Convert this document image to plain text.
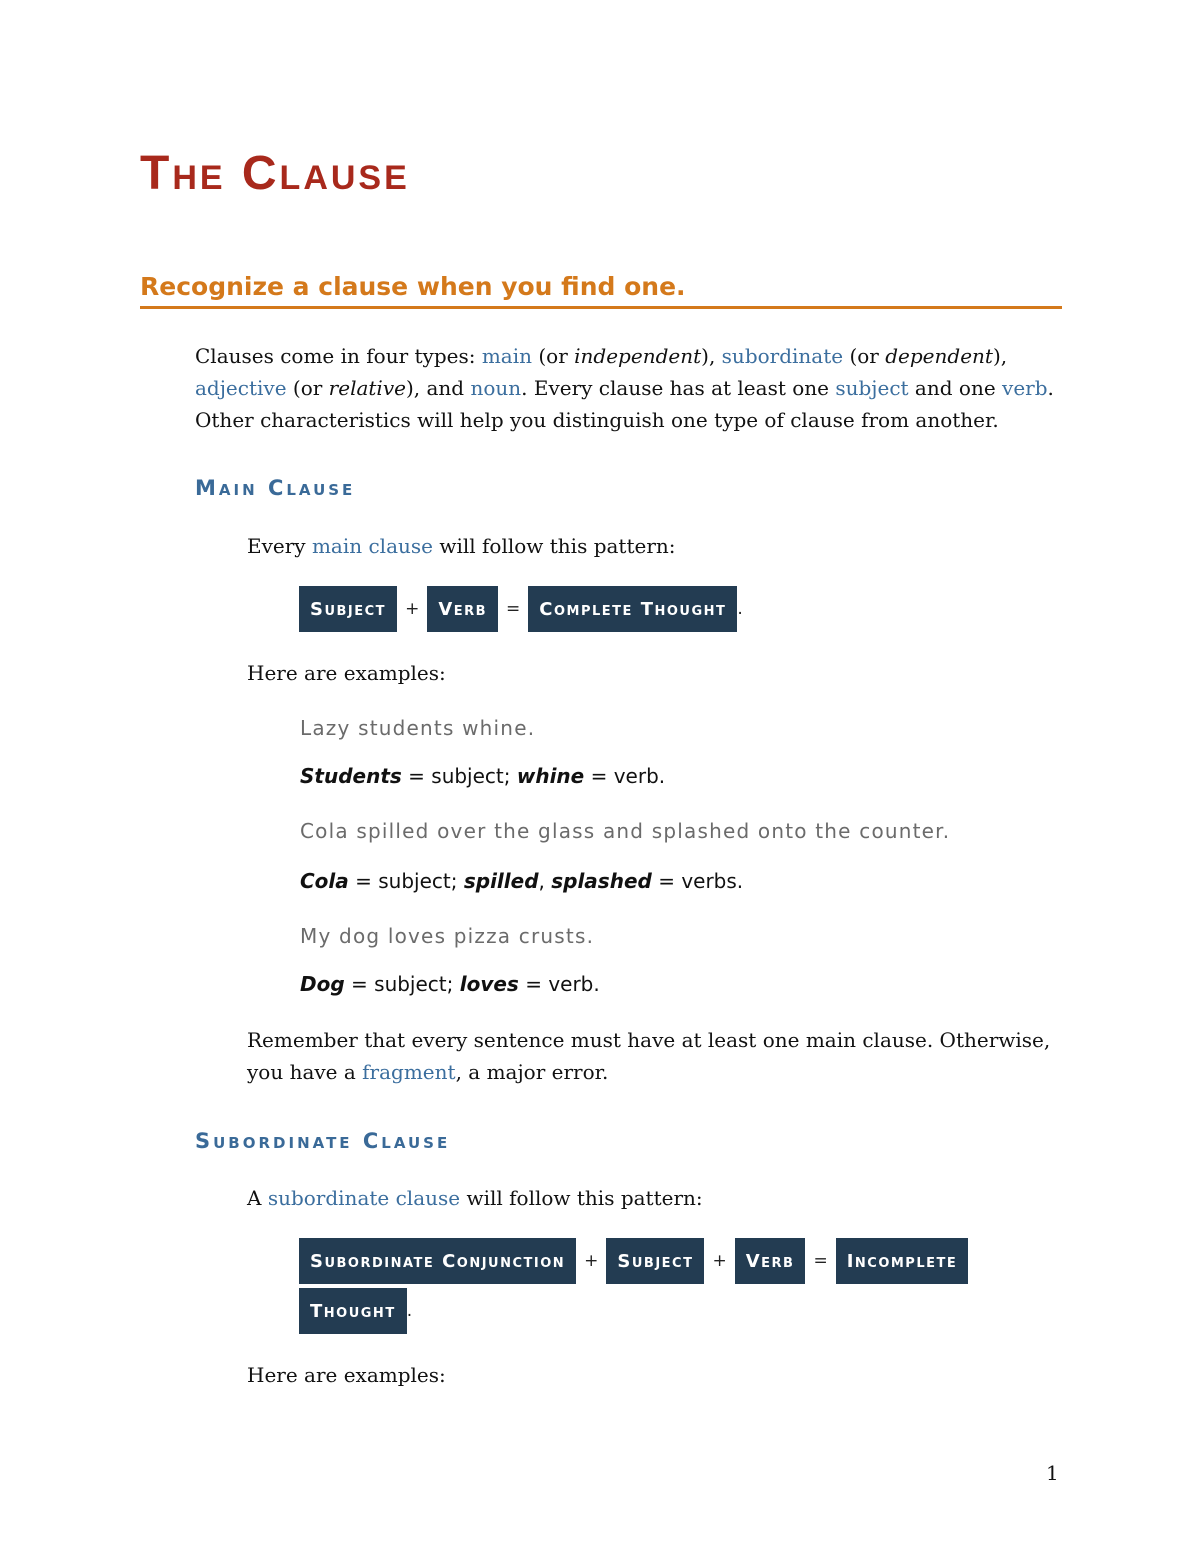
The Clause
Recognize a clause when you find one.
Clauses come in four types: main (or independent), subordinate (or dependent),
adjective (or relative), and noun. Every clause has at least one subject and one verb.
Other characteristics will help you distinguish one type of clause from another.
Main Clause
Every main clause will follow this pattern:
Subject	+	Verb	=	Complete Thought .
Here are examples:
Lazy students whine.
Students = subject; whine = verb.
Cola spilled over the glass and splashed onto the counter.
Cola = subject; spilled, splashed = verbs.
My dog loves pizza crusts.
Dog = subject; loves = verb.
Remember that every sentence must have at least one main clause. Otherwise,
you have a fragment, a major error.
Subordinate Clause
A subordinate clause will follow this pattern:
Subordinate Conjunction	+	Subject	+	Verb	=	Incomplete
Thought .
Here are examples:
1
